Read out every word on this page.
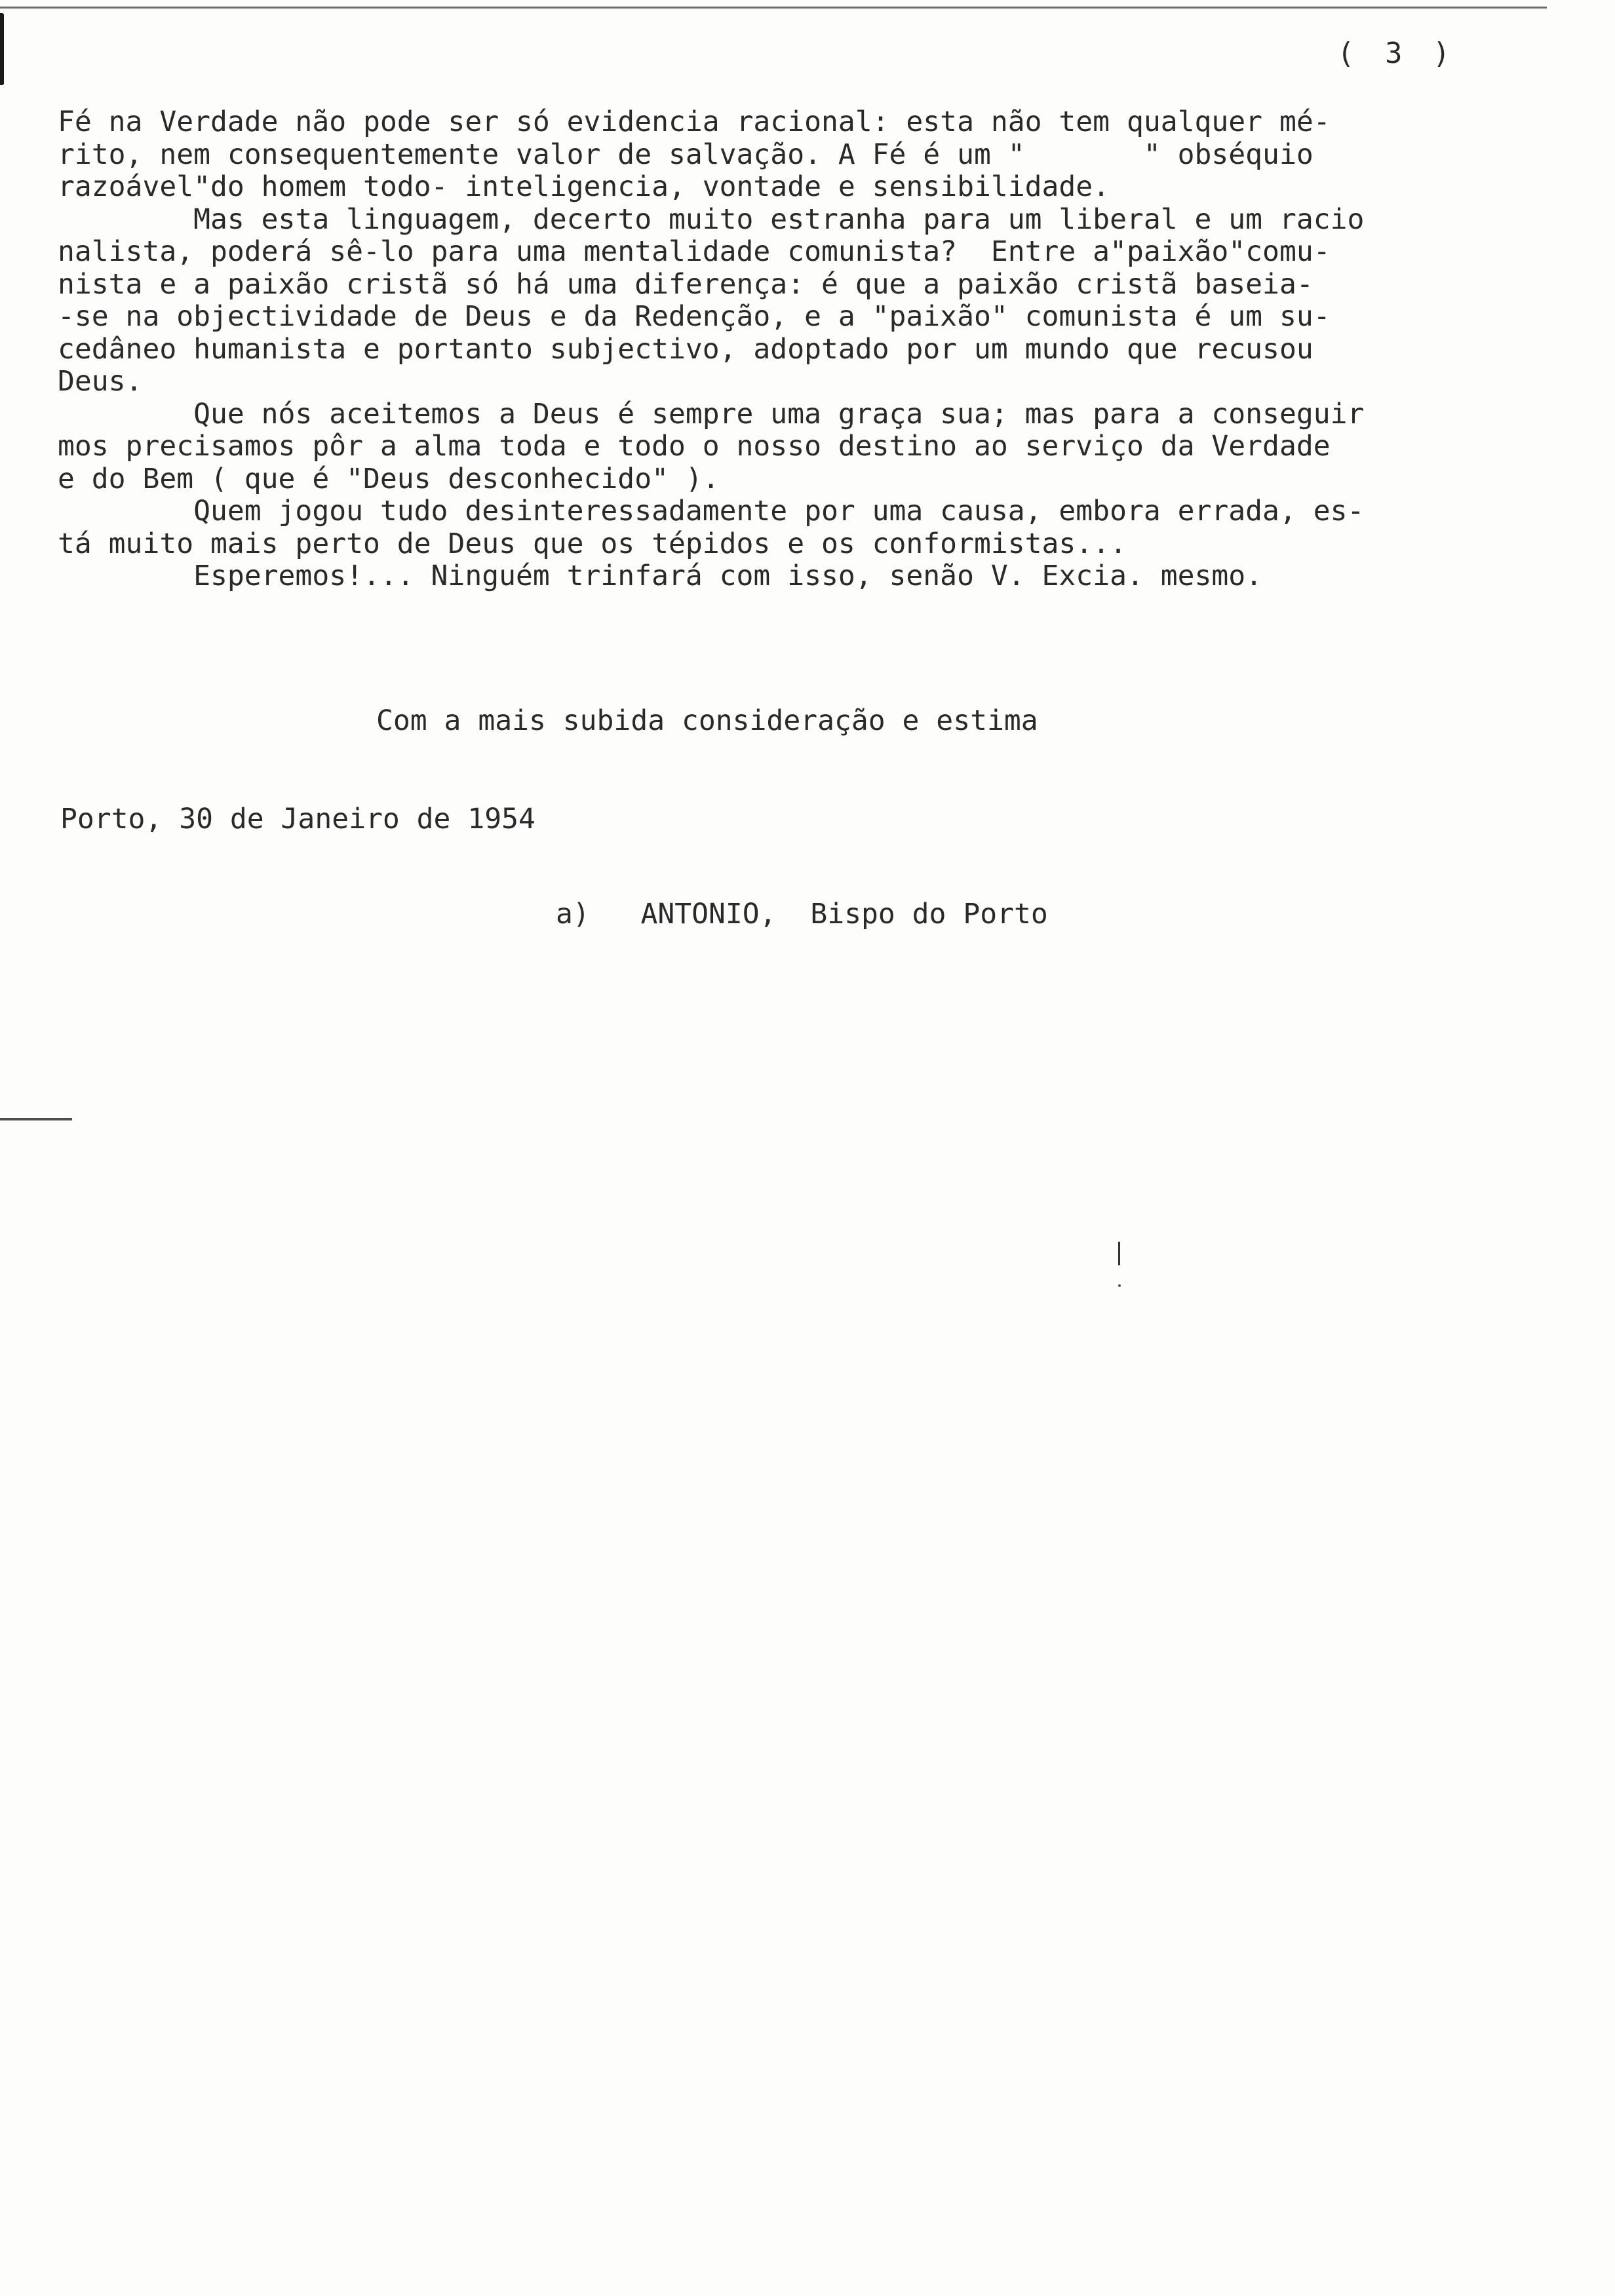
( 3 )
Fé na Verdade não pode ser só evidencia racional: esta não tem qualquer mé-
rito, nem consequentemente valor de salvação. A Fé é um "       " obséquio
razoável"do homem todo- inteligencia, vontade e sensibilidade.
Mas esta linguagem, decerto muito estranha para um liberal e um racio
nalista, poderá sê-lo para uma mentalidade comunista?  Entre a"paixão"comu-
nista e a paixão cristã só há uma diferença: é que a paixão cristã baseia-
-se na objectividade de Deus e da Redenção, e a "paixão" comunista é um su-
cedâneo humanista e portanto subjectivo, adoptado por um mundo que recusou
Deus.
Que nós aceitemos a Deus é sempre uma graça sua; mas para a conseguir
mos precisamos pôr a alma toda e todo o nosso destino ao serviço da Verdade
e do Bem ( que é "Deus desconhecido" ).
Quem jogou tudo desinteressadamente por uma causa, embora errada, es-
tá muito mais perto de Deus que os tépidos e os conformistas...
Esperemos!... Ninguém trinfará com isso, senão V. Excia. mesmo.
Com a mais subida consideração e estima
Porto, 30 de Janeiro de 1954
a)   ANTONIO,  Bispo do Porto
